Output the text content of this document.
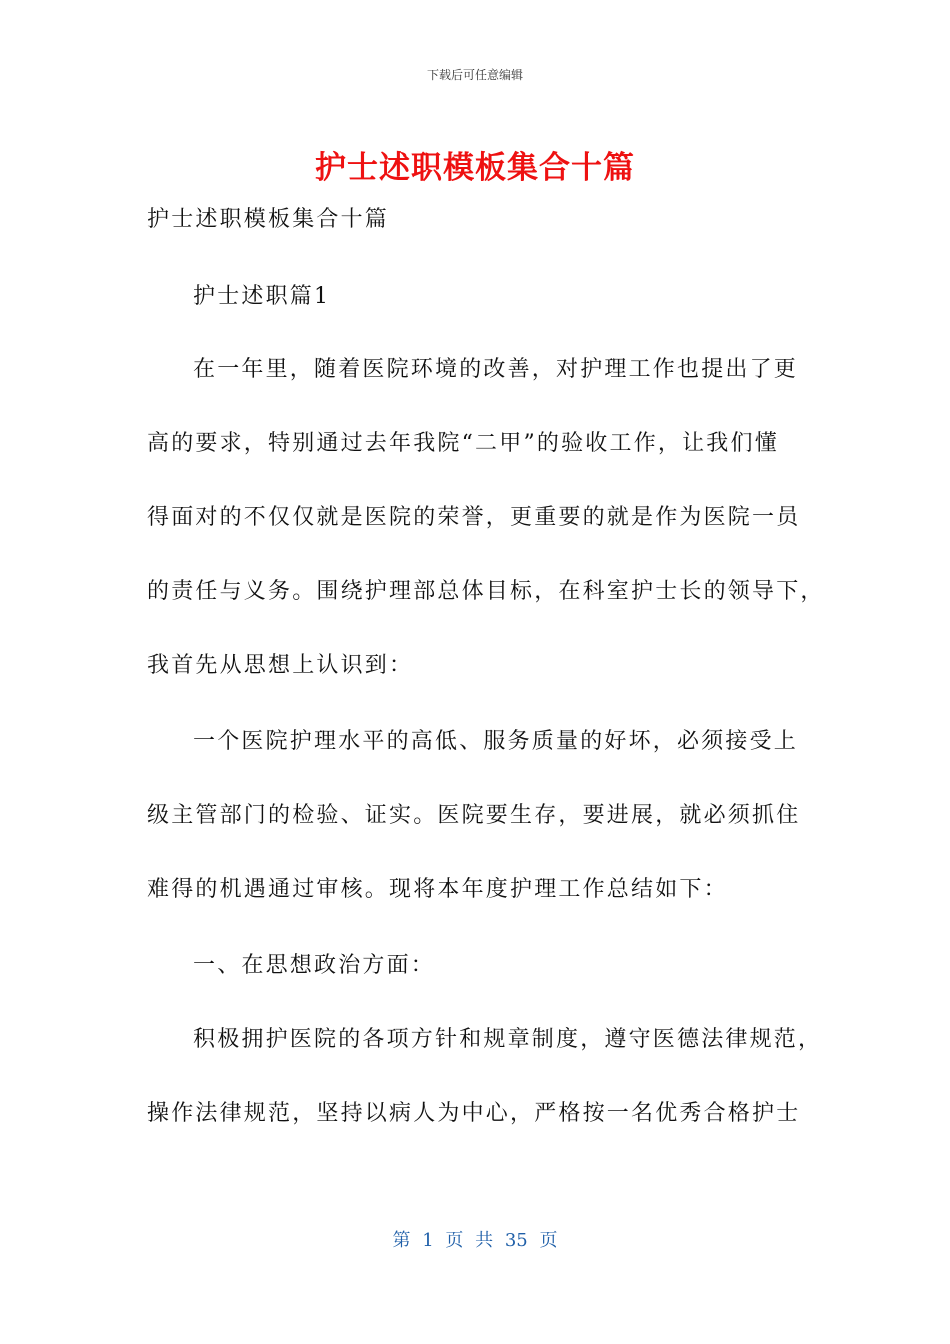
下载后可任意编辑
护士述职模板集合十篇
护士述职模板集合十篇
护士述职篇1
在一年里，随着医院环境的改善，对护理工作也提出了更
高的要求，特别通过去年我院“二甲”的验收工作，让我们懂
得面对的不仅仅就是医院的荣誉，更重要的就是作为医院一员
的责任与义务。围绕护理部总体目标，在科室护士长的领导下，
我首先从思想上认识到：
一个医院护理水平的高低、服务质量的好坏，必须接受上
级主管部门的检验、证实。医院要生存，要进展，就必须抓住
难得的机遇通过审核。现将本年度护理工作总结如下：
一、在思想政治方面：
积极拥护医院的各项方针和规章制度，遵守医德法律规范，
操作法律规范，坚持以病人为中心，严格按一名优秀合格护士
第 1 页 共 35 页
